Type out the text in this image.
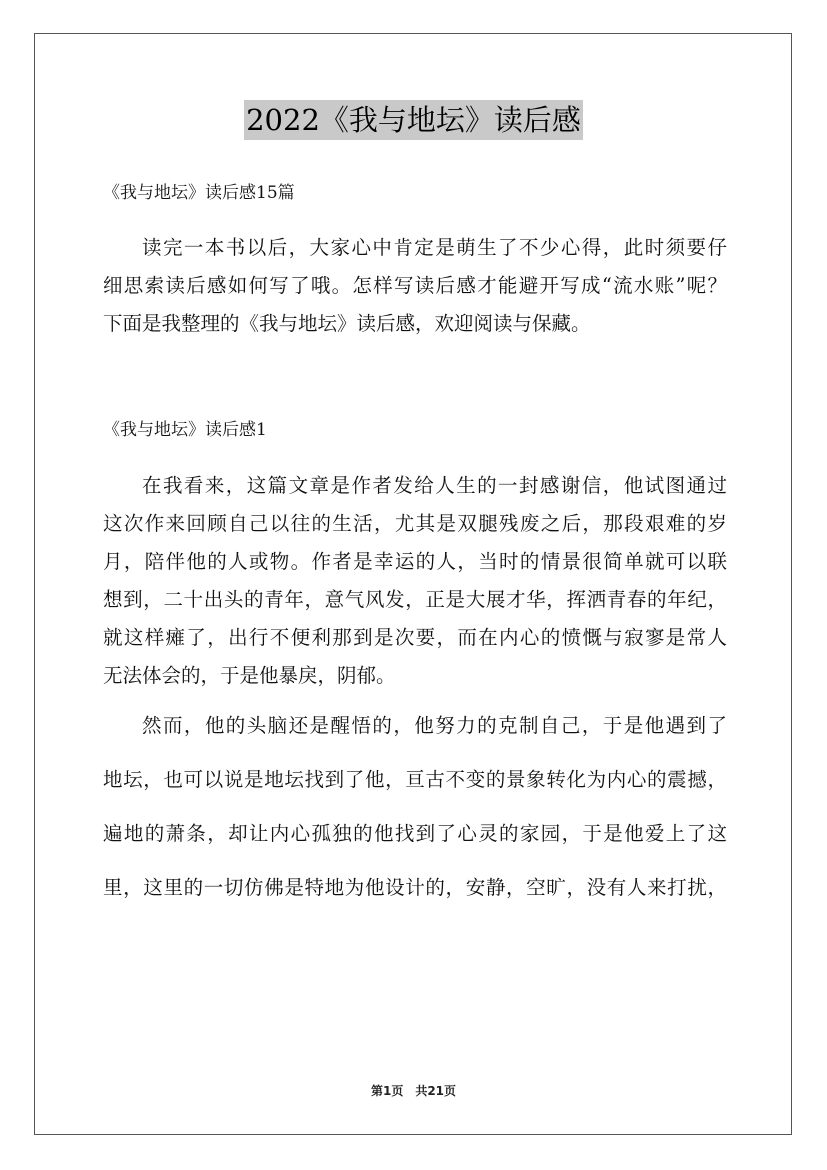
2022《我与地坛》读后感

《我与地坛》读后感15篇

读完一本书以后，大家心中肯定是萌生了不少心得，此时须要仔
细思索读后感如何写了哦。怎样写读后感才能避开写成“流水账”呢？
下面是我整理的《我与地坛》读后感，欢迎阅读与保藏。

《我与地坛》读后感1

在我看来，这篇文章是作者发给人生的一封感谢信，他试图通过
这次作来回顾自己以往的生活，尤其是双腿残废之后，那段艰难的岁
月，陪伴他的人或物。作者是幸运的人，当时的情景很简单就可以联
想到，二十出头的青年，意气风发，正是大展才华，挥洒青春的年纪，
就这样瘫了，出行不便利那到是次要，而在内心的愤慨与寂寥是常人
无法体会的，于是他暴戾，阴郁。
然而，他的头脑还是醒悟的，他努力的克制自己，于是他遇到了
地坛，也可以说是地坛找到了他，亘古不变的景象转化为内心的震撼，
遍地的萧条，却让内心孤独的他找到了心灵的家园，于是他爱上了这
里，这里的一切仿佛是特地为他设计的，安静，空旷，没有人来打扰，
第1页 共21页
